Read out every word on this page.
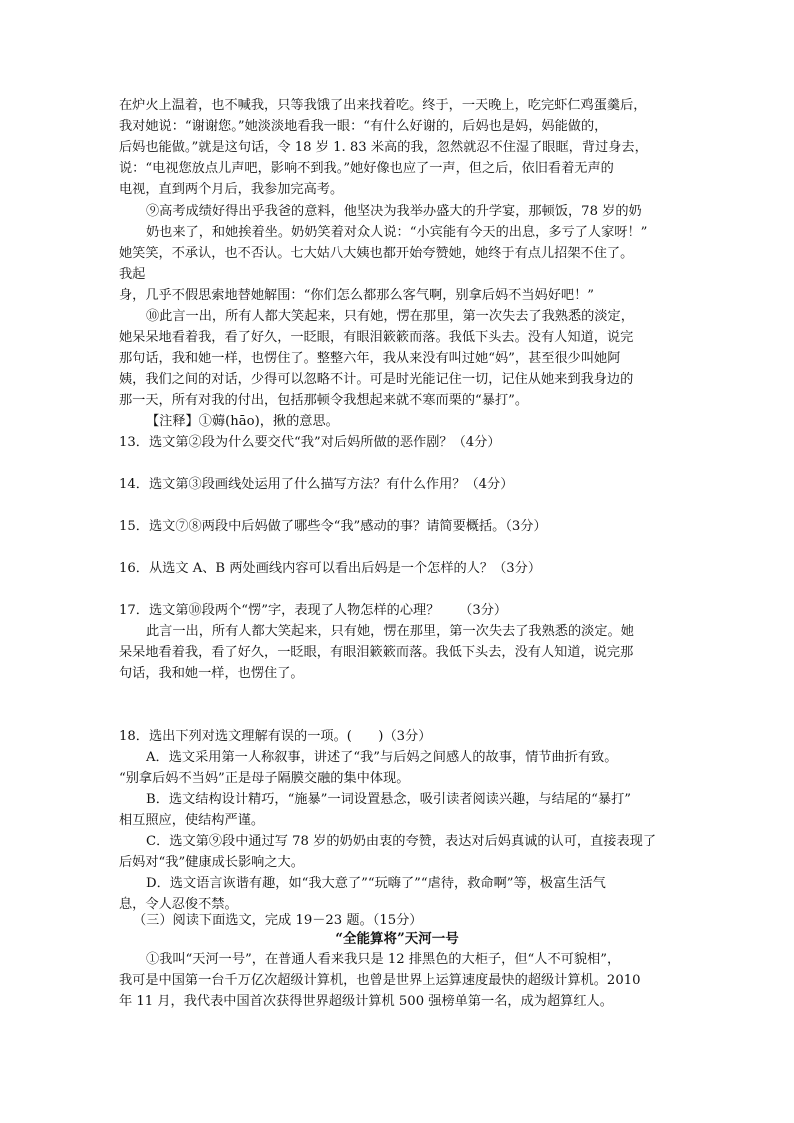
在炉火上温着，也不喊我，只等我饿了出来找着吃。终于，一天晚上，吃完虾仁鸡蛋羹后，
我对她说：“谢谢您。”她淡淡地看我一眼：“有什么好谢的，后妈也是妈，妈能做的，
后妈也能做。”就是这句话，令 18 岁 1. 83 米高的我，忽然就忍不住湿了眼眶，背过身去，
说：“电视您放点儿声吧，影响不到我。”她好像也应了一声，但之后，依旧看着无声的
电视，直到两个月后，我参加完高考。
⑨高考成绩好得出乎我爸的意料，他坚决为我举办盛大的升学宴，那顿饭，78 岁的奶
奶也来了，和她挨着坐。奶奶笑着对众人说：“小宾能有今天的出息，多亏了人家呀！”
她笑笑，不承认，也不否认。七大姑八大姨也都开始夸赞她，她终于有点儿招架不住了。
我起
身，几乎不假思索地替她解围：“你们怎么都那么客气啊，别拿后妈不当妈好吧！”
⑩此言一出，所有人都大笑起来，只有她，愣在那里，第一次失去了我熟悉的淡定，
她呆呆地看着我，看了好久，一眨眼，有眼泪簌簌而落。我低下头去。没有人知道，说完
那句话，我和她一样，也愣住了。整整六年，我从来没有叫过她“妈”，甚至很少叫她阿
姨，我们之间的对话，少得可以忽略不计。可是时光能记住一切，记住从她来到我身边的
那一天，所有对我的付出，包括那顿令我想起来就不寒而栗的“暴打”。
【注释】①薅(hāo)，揪的意思。
13．选文第②段为什么要交代“我”对后妈所做的恶作剧？（4分）
14．选文第③段画线处运用了什么描写方法？有什么作用？（4分）
15．选文⑦⑧两段中后妈做了哪些令“我”感动的事？请简要概括。（3分）
16．从选文 A、B 两处画线内容可以看出后妈是一个怎样的人？（3分）
17．选文第⑩段两个“愣”字，表现了人物怎样的心理？　　（3分）
此言一出，所有人都大笑起来，只有她，愣在那里，第一次失去了我熟悉的淡定。她
呆呆地看着我，看了好久，一眨眼，有眼泪簌簌而落。我低下头去，没有人知道，说完那
句话，我和她一样，也愣住了。
18．选出下列对选文理解有误的一项。(　　)（3分）
A．选文采用第一人称叙事，讲述了“我”与后妈之间感人的故事，情节曲折有致。
“别拿后妈不当妈”正是母子隔膜交融的集中体现。
B．选文结构设计精巧，“施暴”一词设置悬念，吸引读者阅读兴趣，与结尾的“暴打”
相互照应，使结构严谨。
C．选文第⑨段中通过写 78 岁的奶奶由衷的夸赞，表达对后妈真诚的认可，直接表现了
后妈对“我”健康成长影响之大。
D．选文语言诙谐有趣，如“我大意了”“玩嗨了”“虐待，救命啊”等，极富生活气
息，令人忍俊不禁。
（三）阅读下面选文，完成 19－23 题。（15分）
“全能算将”天河一号
①我叫“天河一号”，在普通人看来我只是 12 排黑色的大柜子，但“人不可貌相”，
我可是中国第一台千万亿次超级计算机，也曾是世界上运算速度最快的超级计算机。2010
年 11 月，我代表中国首次获得世界超级计算机 500 强榜单第一名，成为超算红人。
